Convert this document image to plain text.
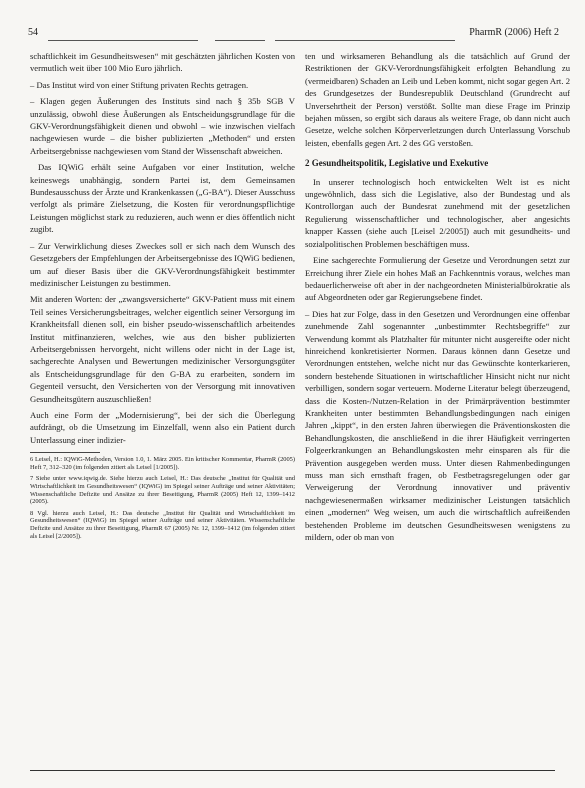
54	PharmR (2006) Heft 2

schaftlichkeit im Gesundheitswesen“ mit geschätzten jährlichen Kosten von vermutlich weit über 100 Mio Euro jährlich.

– Das Institut wird von einer Stiftung privaten Rechts getragen.

– Klagen gegen Äußerungen des Instituts sind nach § 35b SGB V unzulässig, obwohl diese Äußerungen als Entscheidungsgrundlage für die GKV-Verordnungsfähigkeit dienen und obwohl – wie inzwischen vielfach nachgewiesen wurde – die bisher publizierten „Methoden“ und ersten Arbeitsergebnisse nachgewiesen vom Stand der Wissenschaft abweichen.

Das IQWiG erhält seine Aufgaben vor einer Institution, welche keineswegs unabhängig, sondern Partei ist, dem Gemeinsamen Bundesausschuss der Ärzte und Krankenkassen („G-BA“). Dieser Ausschuss verfolgt als primäre Zielsetzung, die Kosten für verordnungspflichtige Leistungen möglichst stark zu reduzieren, auch wenn er dies öffentlich nicht zugibt.

– Zur Verwirklichung dieses Zweckes soll er sich nach dem Wunsch des Gesetzgebers der Empfehlungen der Arbeitsergebnisse des IQWiG bedienen, um auf dieser Basis über die GKV-Verordnungsfähigkeit bestimmter medizinischer Leistungen zu bestimmen.

Mit anderen Worten: der „zwangsversicherte“ GKV-Patient muss mit einem Teil seines Versicherungsbeitrages, welcher eigentlich seiner Versorgung im Krankheitsfall dienen soll, ein bisher pseudo-wissenschaftlich arbeitendes Institut mitfinanzieren, welches, wie aus den bisher publizierten Arbeitsergebnissen hervorgeht, nicht willens oder nicht in der Lage ist, sachgerechte Analysen und Bewertungen medizinischer Versorgungsgüter als Entscheidungsgrundlage für den G-BA zu erarbeiten, sondern im Gegenteil versucht, den Versicherten von der Versorgung mit innovativen Gesundheitsgütern auszuschließen!

Auch eine Form der „Modernisierung“, bei der sich die Überlegung aufdrängt, ob die Umsetzung im Einzelfall, wenn also ein Patient durch Unterlassung einer indizier-

6 Leisel, H.: IQWiG-Methoden, Version 1.0, 1. März 2005. Ein kritischer Kommentar, PharmR (2005) Heft 7, 312–320 (im folgenden zitiert als Leisel [1/2005]).

7 Siehe unter www.iqwig.de. Siehe hierzu auch Leisel, H.: Das deutsche „Institut für Qualität und Wirtschaftlichkeit im Gesundheitswesen“ (IQWiG) im Spiegel seiner Aufträge und seiner Aktivitäten; Wissenschaftliche Defizite und Ansätze zu ihrer Beseitigung, PharmR (2005) Heft 12, 1399–1412 (2005).

8 Vgl. hierzu auch Leisel, H.: Das deutsche „Institut für Qualität und Wirtschaftlichkeit im Gesundheitswesen“ (IQWiG) im Spiegel seiner Aufträge und seiner Aktivitäten. Wissenschaftliche Defizite und Ansätze zu ihrer Beseitigung, PharmR 67 (2005) Nr. 12, 1399–1412 (im folgenden zitiert als Leisel [2/2005]).

ten und wirksameren Behandlung als die tatsächlich auf Grund der Restriktionen der GKV-Verordnungsfähigkeit erfolgten Behandlung zu (vermeidbaren) Schaden an Leib und Leben kommt, nicht sogar gegen Art. 2 des Grundgesetzes der Bundesrepublik Deutschland (Grundrecht auf Unversehrtheit der Person) verstößt. Sollte man diese Frage im Prinzip bejahen müssen, so ergibt sich daraus als weitere Frage, ob dann nicht auch Gesetze, welche solchen Körperverletzungen durch Unterlassung Vorschub leisten, ebenfalls gegen Art. 2 des GG verstoßen.

2 Gesundheitspolitik, Legislative und Exekutive

In unserer technologisch hoch entwickelten Welt ist es nicht ungewöhnlich, dass sich die Legislative, also der Bundestag und als Kontrollorgan auch der Bundesrat zunehmend mit der gesetzlichen Regulierung wissenschaftlicher und technologischer, aber angesichts knapper Kassen (siehe auch [Leisel 2/2005]) auch mit gesundheits- und sozialpolitischen Problemen beschäftigen muss.

Eine sachgerechte Formulierung der Gesetze und Verordnungen setzt zur Erreichung ihrer Ziele ein hohes Maß an Fachkenntnis voraus, welches man bedauerlicherweise oft aber in der nachgeordneten Ministerialbürokratie als auf Abgeordneten oder gar Regierungsebene findet.

– Dies hat zur Folge, dass in den Gesetzen und Verordnungen eine offenbar zunehmende Zahl sogenannter „unbestimmter Rechtsbegriffe“ zur Verwendung kommt als Platzhalter für mitunter nicht ausgereifte oder nicht hinreichend konkretisierter Normen. Daraus können dann Gesetze und Verordnungen entstehen, welche nicht nur das Gewünschte konterkarieren, sondern bestehende Situationen in wirtschaftlicher Hinsicht nicht nur nicht verbilligen, sondern sogar verteuern. Moderne Literatur belegt überzeugend, dass die Kosten-/Nutzen-Relation in der Primärprävention bestimmter Krankheiten unter bestimmten Behandlungsbedingungen nach einigen Jahren „kippt“, in den ersten Jahren überwiegen die Präventionskosten die Behandlungskosten, die anschließend in die ihrer Häufigkeit verringerten Folgeerkrankungen an Behandlungskosten mehr einsparen als für die Prävention ausgegeben werden muss. Unter diesen Rahmenbedingungen muss man sich ernsthaft fragen, ob Festbetragsregelungen oder gar Verweigerung der Verordnung innovativer und präventiv nachgewiesenermaßen wirksamer medizinischer Leistungen tatsächlich einen „modernen“ Weg weisen, um auch die wirtschaftlich aufreißenden bestehenden Probleme im deutschen Gesundheitswesen wenigstens zu mildern, oder ob man von
